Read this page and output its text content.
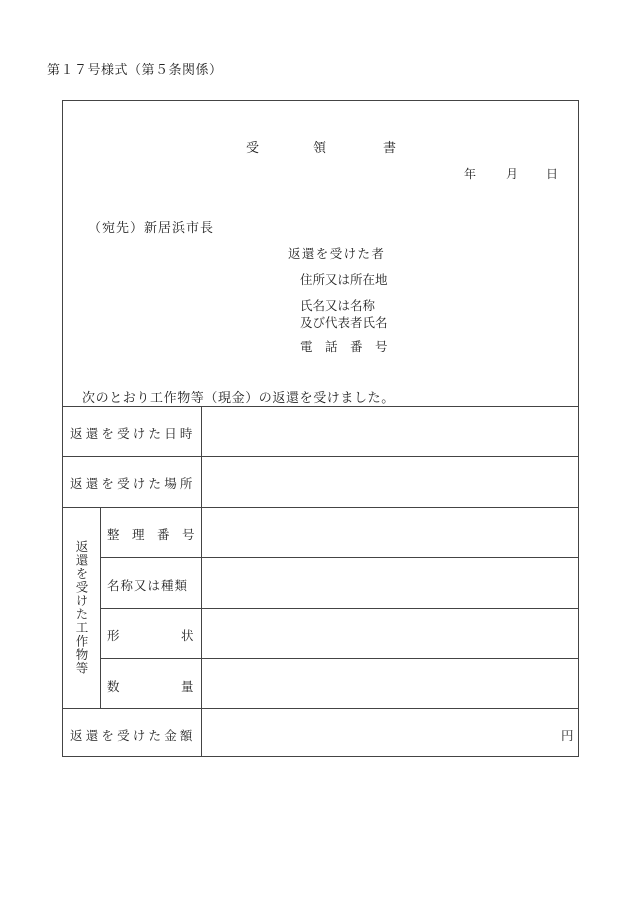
第１７号様式（第５条関係）
受	領	書
年 月 日
（宛先）新居浜市長
返還を受けた者
住所又は所在地
氏名又は名称
及び代表者氏名
電　話　番　号
次のとおり工作物等（現金）の返還を受けました。
返還を受けた日時
返還を受けた場所
返還を受けた工作物等
整　理　番　号
名称又は種類
形	状
数	量
返還を受けた金額	円
